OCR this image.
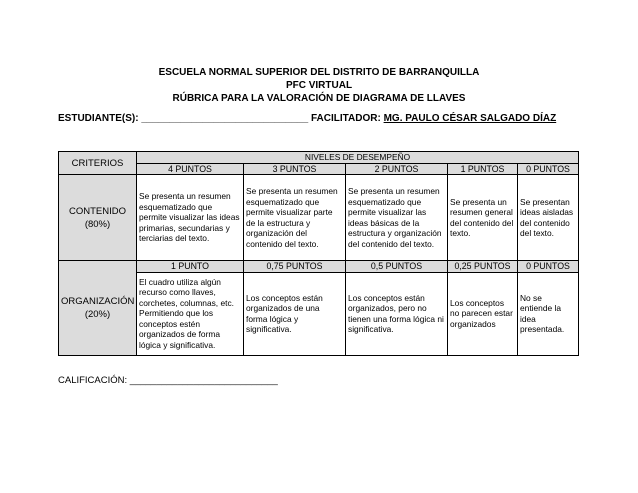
ESCUELA NORMAL SUPERIOR DEL DISTRITO DE BARRANQUILLA
PFC VIRTUAL
RÚBRICA PARA LA VALORACIÓN DE DIAGRAMA DE LLAVES
ESTUDIANTE(S): ______________________________ FACILITADOR: MG. PAULO CÉSAR SALGADO DÍAZ
CRITERIOS	NIVELES DE DESEMPEÑO				
	4 PUNTOS	3 PUNTOS	2 PUNTOS	1 PUNTOS	0 PUNTOS

CONTENIDO
(80%)	Se presenta un resumen esquematizado que permite visualizar las ideas primarias, secundarias y terciarias del texto.	Se presenta un resumen esquematizado que permite visualizar parte de la estructura y organización del contenido del texto.	Se presenta un resumen esquematizado que permite visualizar las ideas básicas de la estructura y organización del contenido del texto.	Se presenta un resumen general del contenido del texto.	Se presentan ideas aisladas del contenido del texto.

ORGANIZACIÓN
(20%)	1 PUNTO	0,75 PUNTOS	0,5 PUNTOS	0,25 PUNTOS	0 PUNTOS
	El cuadro utiliza algún recurso como llaves, corchetes, columnas, etc. Permitiendo que los conceptos estén organizados de forma lógica y significativa.	Los conceptos están organizados de una forma lógica y significativa.	Los conceptos están organizados, pero no tienen una forma lógica ni significativa.	Los conceptos no parecen estar organizados	No se entiende la idea presentada.
CALIFICACIÓN: ____________________________
